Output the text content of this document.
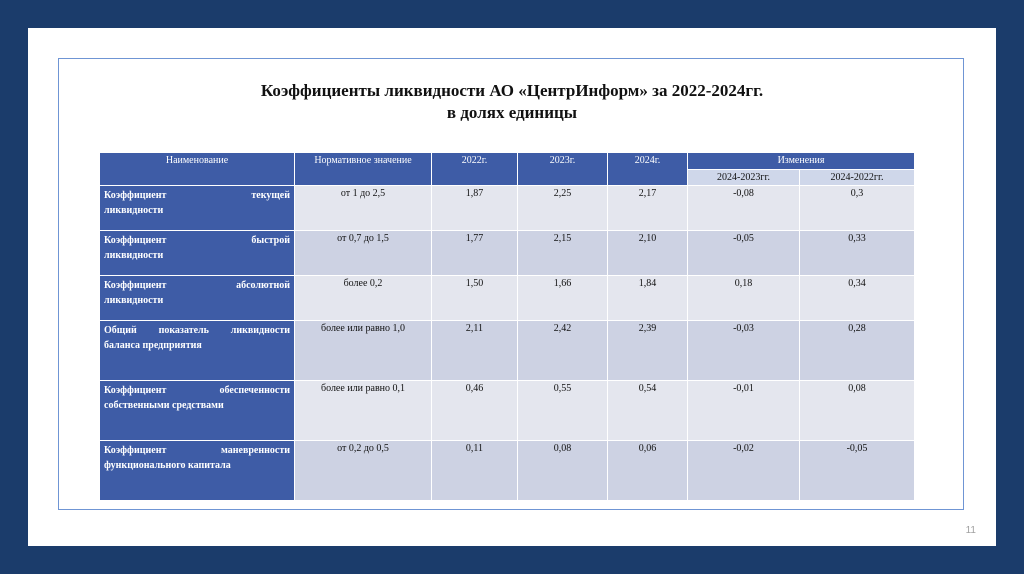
Коэффициенты ликвидности АО «ЦентрИнформ» за 2022-2024гг.
в долях единицы
Наименование	Нормативное значение	2022г.	2023г.	2024г.	Изменения	
					2024-2023гг.	2024-2022гг.

Коэффициент текущей
ликвидности	от 1 до 2,5	1,87	2,25	2,17	-0,08	0,3

Коэффициент быстрой
ликвидности	от 0,7 до 1,5	1,77	2,15	2,10	-0,05	0,33

Коэффициент абсолютной
ликвидности	более 0,2	1,50	1,66	1,84	0,18	0,34

Общий показатель ликвидности
баланса предприятия	более или равно 1,0	2,11	2,42	2,39	-0,03	0,28

Коэффициент обеспеченности
собственными средствами	более или равно 0,1	0,46	0,55	0,54	-0,01	0,08

Коэффициент маневренности
функционального капитала	от 0,2 до 0,5	0,11	0,08	0,06	-0,02	-0,05
11
